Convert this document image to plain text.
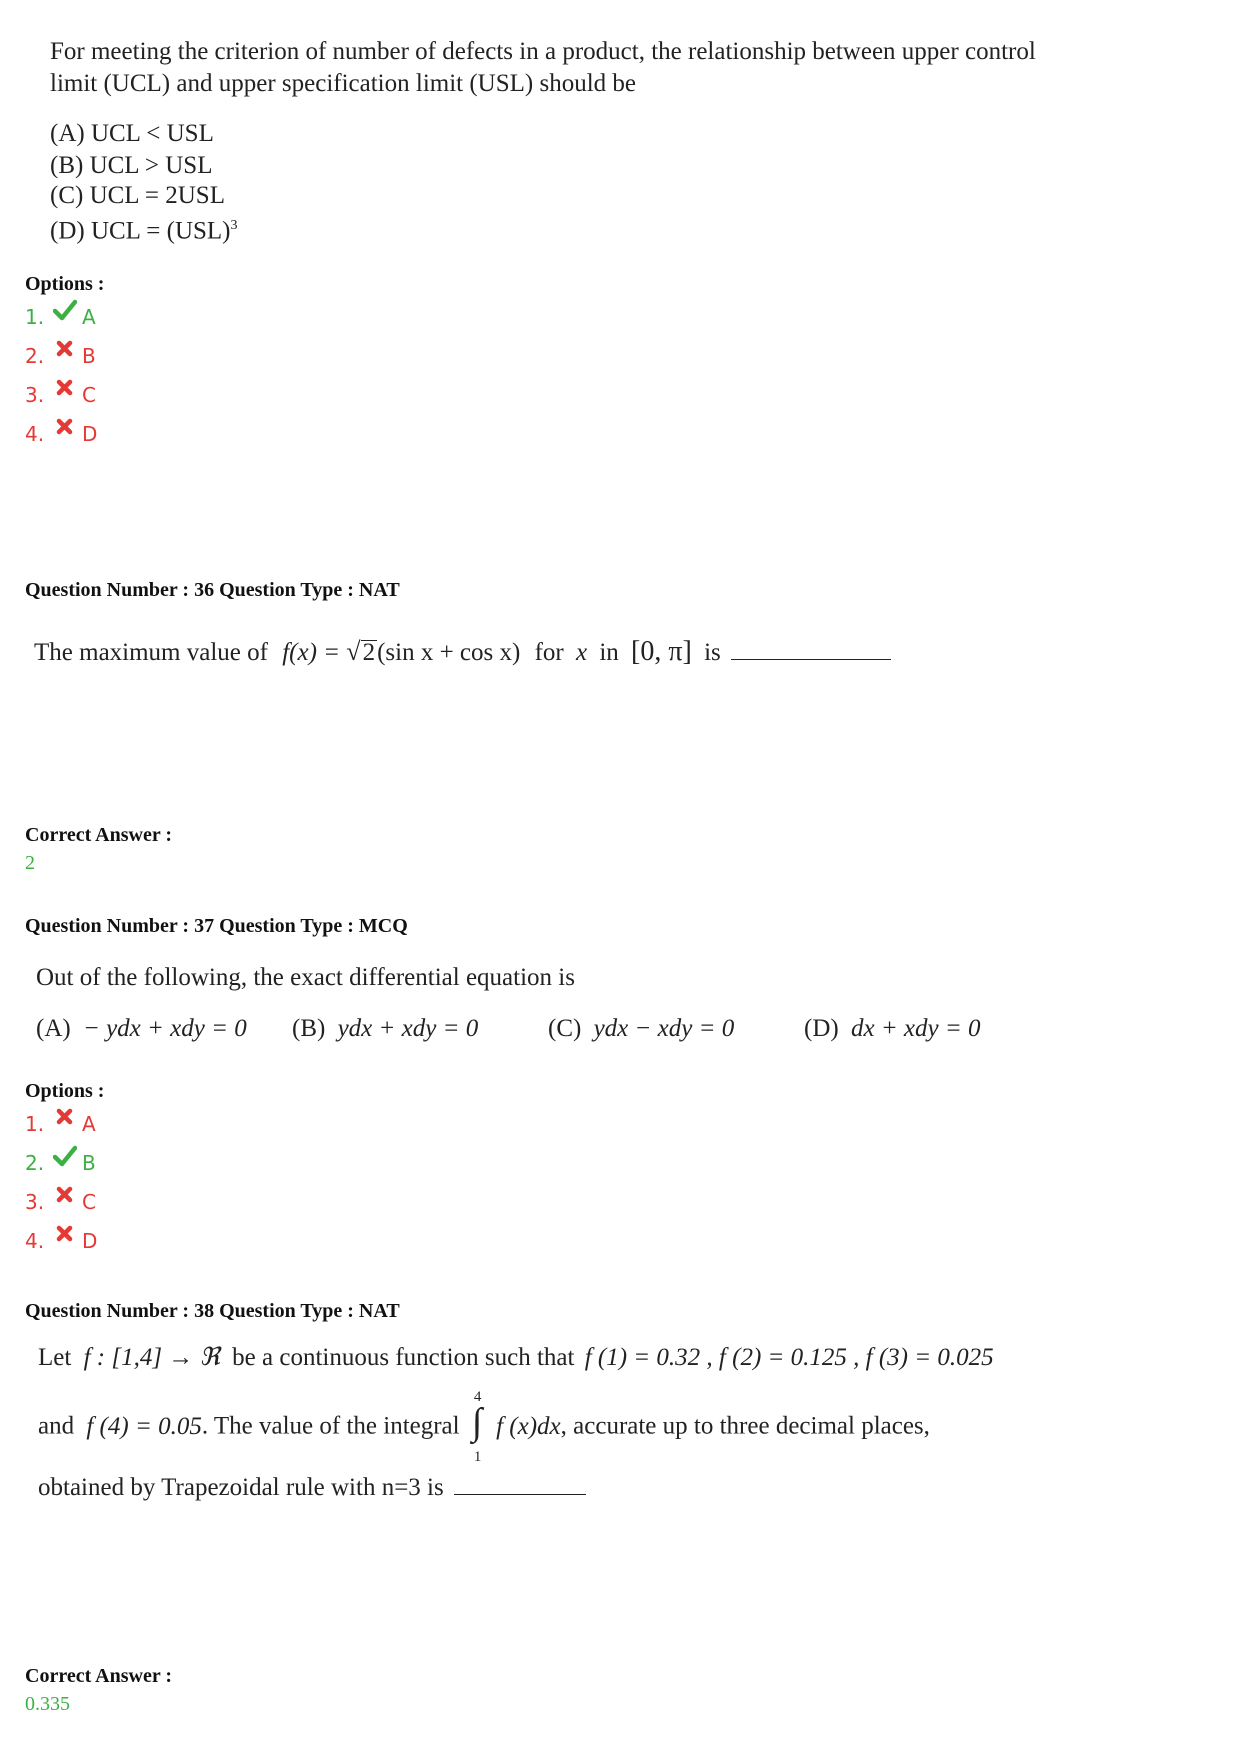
For meeting the criterion of number of defects in a product, the relationship between upper control
limit (UCL) and upper specification limit (USL) should be
(A) UCL < USL
(B) UCL > USL
(C) UCL = 2USL
(D) UCL = (USL)$^3$
Options :
1. A
2. B
3. C
4. D
Question Number : 36 Question Type : NAT
The maximum value of f(x) = √2(sin x + cos x) for x in [0, π] is
Correct Answer :
2
Question Number : 37 Question Type : MCQ
Out of the following, the exact differential equation is
(A) − ydx + xdy = 0 (B) ydx + xdy = 0	(C) ydx − xdy = 0	(D) dx + xdy = 0
Options :
1. A
2. B
3. C
4. D
Question Number : 38 Question Type : NAT
Let f : [1,4] → ℜ be a continuous function such that f (1) = 0.32 , f (2) = 0.125 , f (3) = 0.025
and f (4) = 0.05. The value of the integral
4
∫
1
f (x)dx, accurate up to three decimal places,
obtained by Trapezoidal rule with n=3 is
Correct Answer :
0.335
